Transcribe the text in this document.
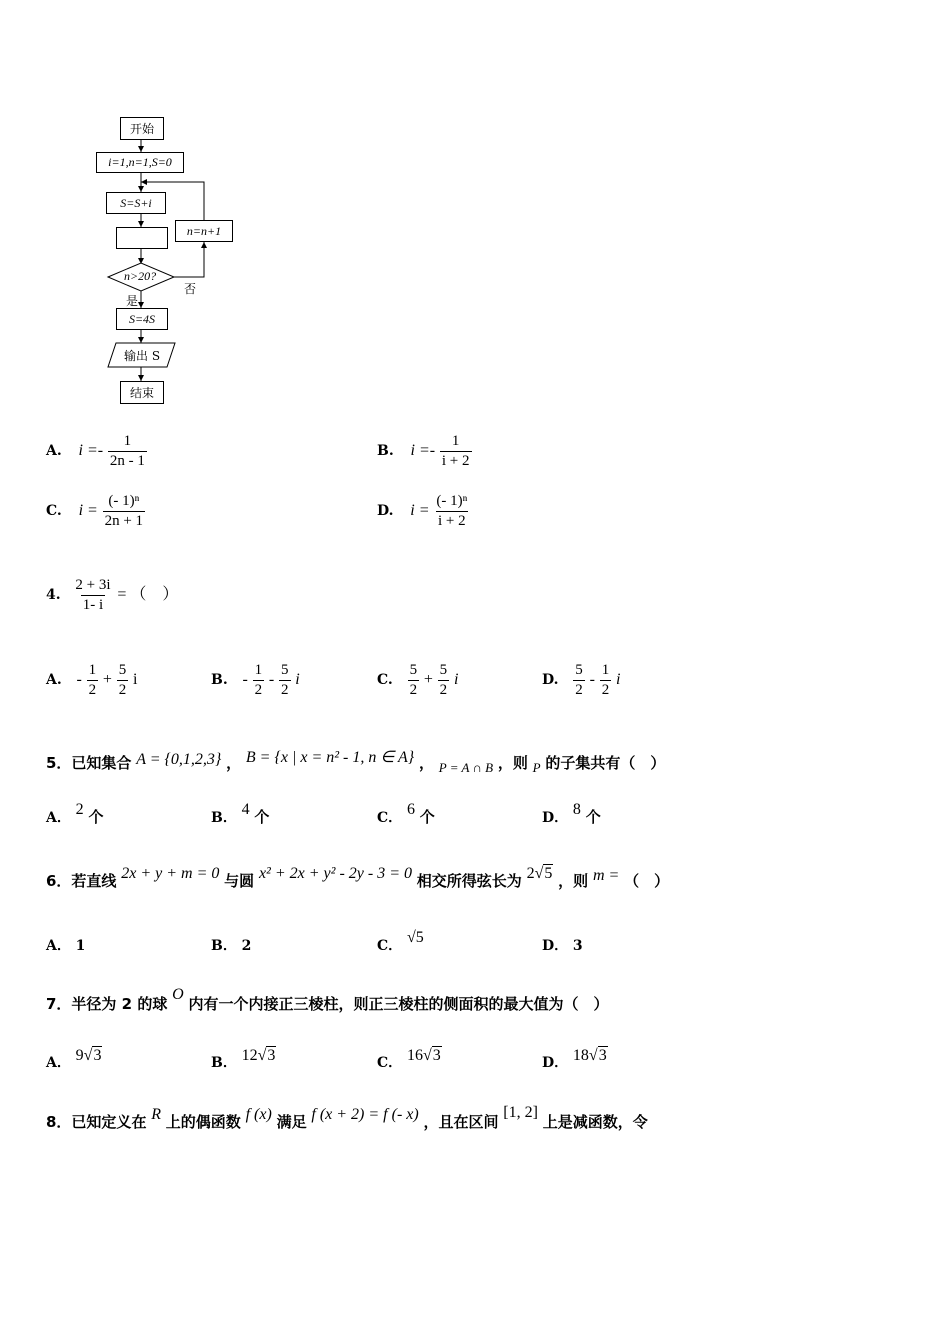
开始
i=1,n=1,S=0
S=S+i
n=n+1
n>20?
否
是
S=4S
输出 S
结束
A. $i =- \frac{1}{2n - 1}$	B. $i =- \frac{1}{i + 2}$
C. $i = \frac{\text{(- 1)ⁿ}}{2n + 1}$	D. $i = \frac{\text{(- 1)ⁿ}}{i + 2}$
4. $\frac{2 + 3i}{1- i}$ = （　）
A. - $\frac{1}{2} + \frac{5}{2}$ i	B. - $\frac{1}{2} - \frac{5}{2}$ i	C. $\frac{5}{2} + \frac{5}{2}$ i	D. $\frac{5}{2} - \frac{1}{2}$ i
5．已知集合 A = {0,1,2,3} ， B = {x | x = n² - 1, n ∈ A} ， P = A ∩ B ，则 P 的子集共有（　）
A． 2 个	B． 4 个	C． 6 个	D． 8 个
6．若直线 2x + y + m = 0 与圆 x² + 2x + y² - 2y - 3 = 0 相交所得弦长为 2√5 ，则 m = （　）
A． 1	B． 2	C． √5	D． 3
7．半径为 2 的球 O 内有一个内接正三棱柱，则正三棱柱的侧面积的最大值为（　）
A． 9√3	B． 12√3	C． 16√3	D． 18√3
8．已知定义在 R 上的偶函数 f (x) 满足 f (x + 2) = f (- x) ，且在区间 [1, 2] 上是减函数，令
